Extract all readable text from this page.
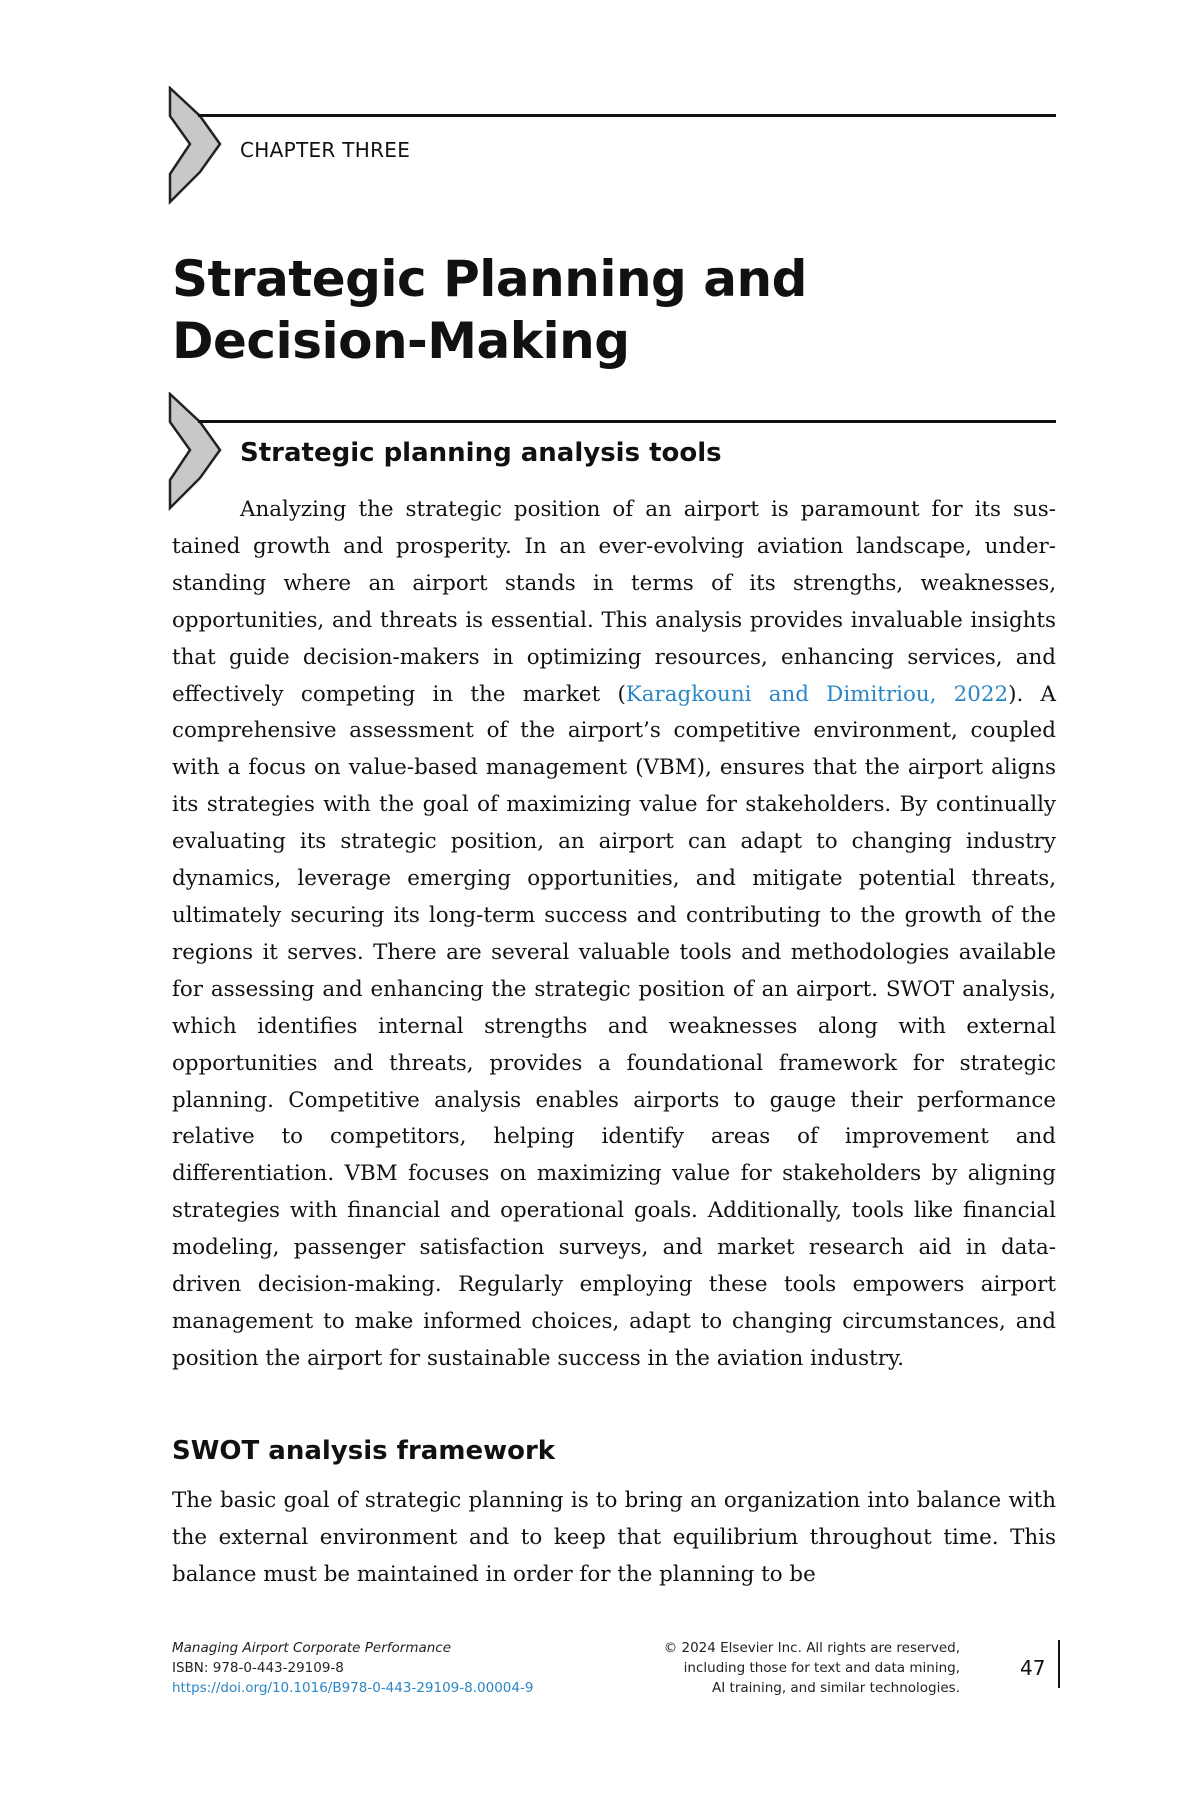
CHAPTER THREE
Strategic Planning and
Decision-Making
Strategic planning analysis tools

Analyzing the strategic position of an airport is paramount for its sustained growth and prosperity. In an ever-evolving aviation landscape, understanding where an airport stands in terms of its strengths, weaknesses, opportunities, and threats is essential. This analysis provides invaluable insights that guide decision-makers in optimizing resources, enhancing services, and effectively competing in the market (Karagkouni and Dimitriou, 2022). A comprehensive assessment of the airport’s competitive environment, coupled with a focus on value-based management (VBM), ensures that the airport aligns its strategies with the goal of maximizing value for stakeholders. By continually evaluating its strategic position, an airport can adapt to changing industry dynamics, leverage emerging opportunities, and mitigate potential threats, ultimately securing its long-term success and contributing to the growth of the regions it serves. There are several valuable tools and methodologies available for assessing and enhancing the strategic position of an airport. SWOT analysis, which identifies internal strengths and weaknesses along with external opportunities and threats, provides a foundational framework for strategic planning. Competitive analysis enables airports to gauge their performance relative to competitors, helping identify areas of improvement and differentiation. VBM focuses on maximizing value for stakeholders by aligning strategies with financial and operational goals. Additionally, tools like financial modeling, passenger satisfaction surveys, and market research aid in data-driven decision-making. Regularly employing these tools empowers airport management to make informed choices, adapt to changing circumstances, and position the airport for sustainable success in the aviation industry.

SWOT analysis framework

The basic goal of strategic planning is to bring an organization into balance with the external environment and to keep that equilibrium throughout time. This balance must be maintained in order for the planning to be

Managing Airport Corporate Performance
ISBN: 978-0-443-29109-8
https://doi.org/10.1016/B978-0-443-29109-8.00004-9
© 2024 Elsevier Inc. All rights are reserved,
including those for text and data mining,
AI training, and similar technologies.
47
